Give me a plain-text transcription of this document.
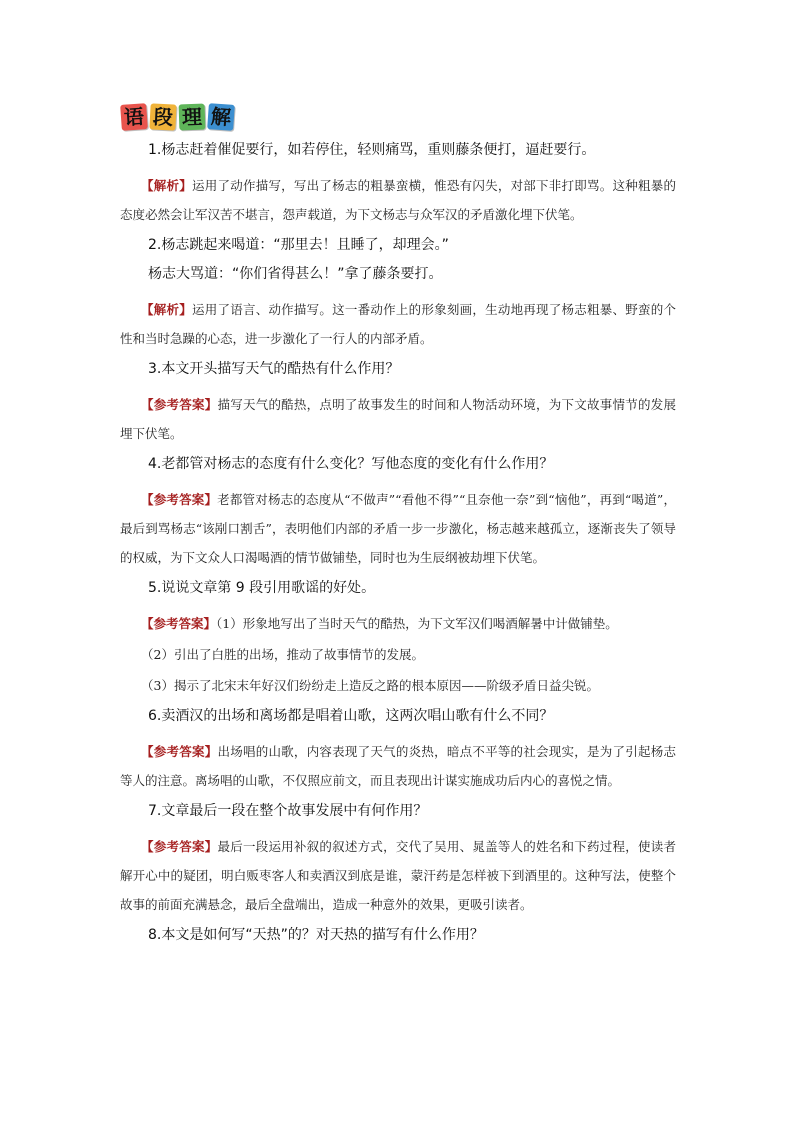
语 段 理 解

1.杨志赶着催促要行，如若停住，轻则痛骂，重则藤条便打，逼赶要行。

【解析】运用了动作描写，写出了杨志的粗暴蛮横，惟恐有闪失，对部下非打即骂。这种粗暴的态度必然会让军汉苦不堪言，怨声载道，为下文杨志与众军汉的矛盾激化埋下伏笔。

2.杨志跳起来喝道：“那里去！且睡了，却理会。”

杨志大骂道：“你们省得甚么！”拿了藤条要打。

【解析】运用了语言、动作描写。这一番动作上的形象刻画，生动地再现了杨志粗暴、野蛮的个性和当时急躁的心态，进一步激化了一行人的内部矛盾。

3.本文开头描写天气的酷热有什么作用？

【参考答案】描写天气的酷热，点明了故事发生的时间和人物活动环境，为下文故事情节的发展埋下伏笔。

4.老都管对杨志的态度有什么变化？写他态度的变化有什么作用？

【参考答案】老都管对杨志的态度从“不做声”“看他不得”“且奈他一奈”到“恼他”，再到“喝道”，最后到骂杨志“该剐口割舌”，表明他们内部的矛盾一步一步激化，杨志越来越孤立，逐渐丧失了领导的权威，为下文众人口渴喝酒的情节做铺垫，同时也为生辰纲被劫埋下伏笔。

5.说说文章第 9 段引用歌谣的好处。

【参考答案】（1）形象地写出了当时天气的酷热，为下文军汉们喝酒解暑中计做铺垫。

（2）引出了白胜的出场，推动了故事情节的发展。

（3）揭示了北宋末年好汉们纷纷走上造反之路的根本原因——阶级矛盾日益尖锐。

6.卖酒汉的出场和离场都是唱着山歌，这两次唱山歌有什么不同？

【参考答案】出场唱的山歌，内容表现了天气的炎热，暗点不平等的社会现实，是为了引起杨志等人的注意。离场唱的山歌，不仅照应前文，而且表现出计谋实施成功后内心的喜悦之情。

7.文章最后一段在整个故事发展中有何作用？

【参考答案】最后一段运用补叙的叙述方式，交代了吴用、晁盖等人的姓名和下药过程，使读者解开心中的疑团，明白贩枣客人和卖酒汉到底是谁，蒙汗药是怎样被下到酒里的。这种写法，使整个故事的前面充满悬念，最后全盘端出，造成一种意外的效果，更吸引读者。

8.本文是如何写“天热”的？对天热的描写有什么作用？
